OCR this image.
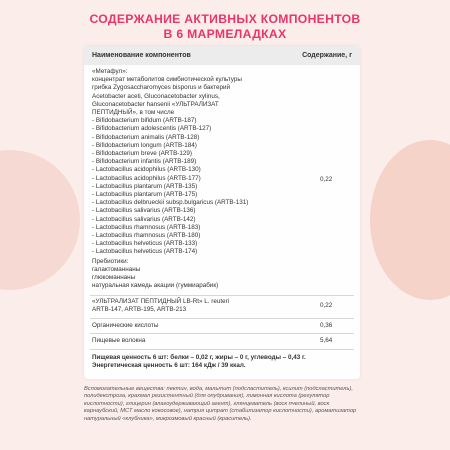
СОДЕРЖАНИЕ АКТИВНЫХ КОМПОНЕНТОВ
В 6 МАРМЕЛАДКАХ
Наименование компонентов	Содержание, г
«Метафул»:
концентрат метаболитов симбиотической культуры
грибка Zygosaccharomyces bisporus и бактерий
Acetobacter aceti, Gluconacetobacter xylinus,
Gluconacetobacter hansenii «УЛЬТРАЛИЗАТ
ПЕПТИДНЫЙ», в том числе
- Bifidobacterium bifidum (ARTB-187)
- Bifidobacterium adolescentis (ARTB-127)
- Bifidobacterium animalis (ARTB-128)
- Bifidobacterium longum (ARTB-184)
- Bifidobacterium breve (ARTB-129)
- Bifidobacterium infantis (ARTB-189)
- Lactobacillus acidophilus (ARTB-130)
- Lactobacillus acidophilus (ARTB-177)
- Lactobacillus plantarum (ARTB-135)
- Lactobacillus plantarum (ARTB-175)
- Lactobacillus delbrueckii subsp.bulgaricus (ARTB-131)
- Lactobacillus salivarius (ARTB-136)
- Lactobacillus salivarius (ARTB-142)
- Lactobacillus rhamnosus (ARTB-183)
- Lactobacillus rhamnosus (ARTB-180)
- Lactobacillus helveticus (ARTB-133)
- Lactobacillus helveticus (ARTB-174)
Пребиотики:
галактоманнаны
глюкоманнаны
натуральная камедь акации (гуммиарабик)
0,22
«УЛЬТРАЛИЗАТ ПЕПТИДНЫЙ LB-Rt» L. reuteri
ARTB-147, ARTB-195, ARTB-213
0,22
Органические кислоты	0,36
Пищевые волокна	5,64
Пищевая ценность 6 шт: белки – 0,02 г, жиры – 0 г, углеводы – 0,43 г.
Энергетическая ценность 6 шт: 164 кДж / 39 ккал.
Вспомогательные вещества: пектин, вода, мальтит (подсластитель), ксилит (подсластитель), полидекстроза, крахмал резистентный (для опудривания), лимонная кислота (регулятор кислотности), глицерин (влагоудерживающий агент), глянцеватель (воск пчелиный, воск карнаубский, МСТ масло кокосовое), натрия цитрат (стабилизатор кислотности), ароматизатор натуральный «клубника», микрозмовый красный (краситель).
